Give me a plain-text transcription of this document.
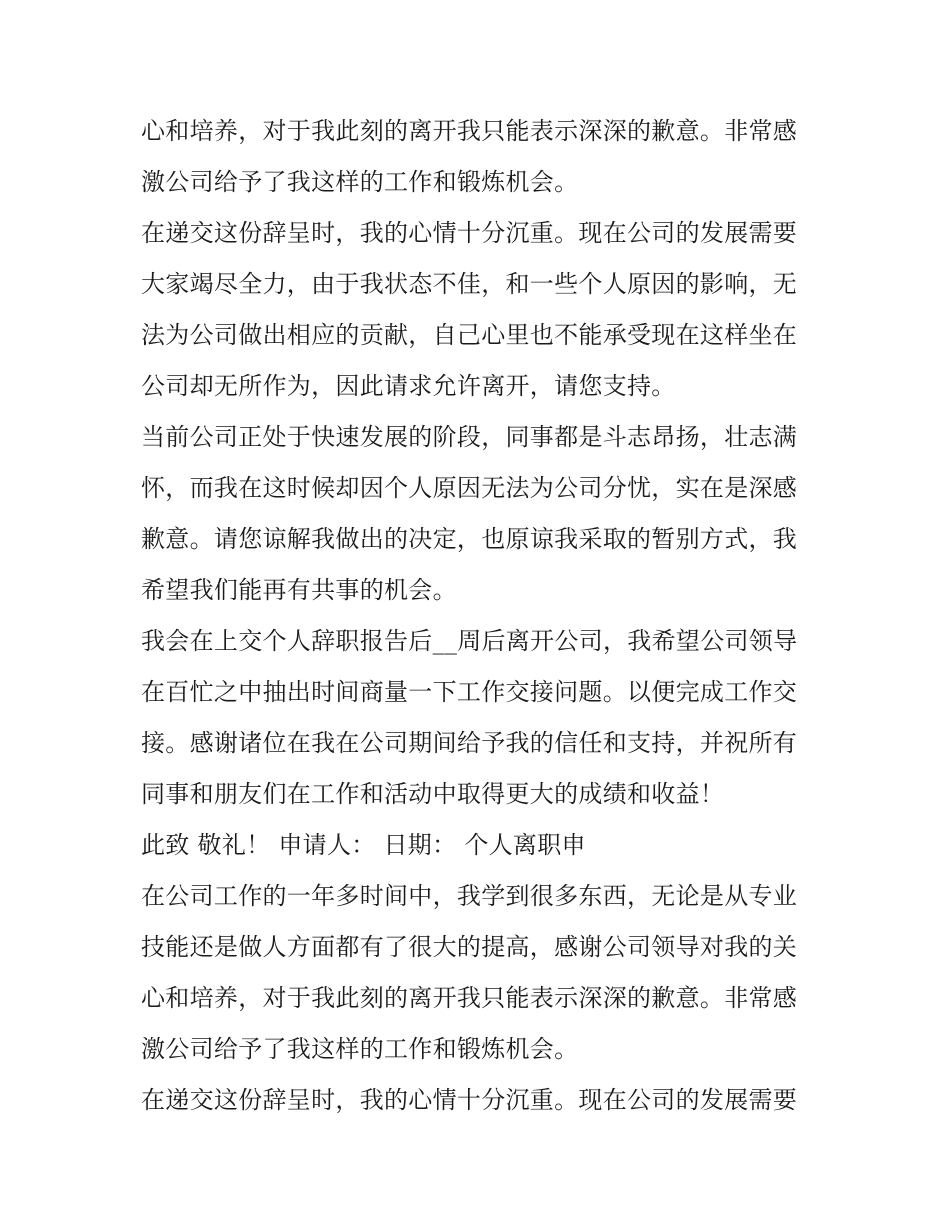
心和培养，对于我此刻的离开我只能表示深深的歉意。非常感
激公司给予了我这样的工作和锻炼机会。
在递交这份辞呈时，我的心情十分沉重。现在公司的发展需要
大家竭尽全力，由于我状态不佳，和一些个人原因的影响，无
法为公司做出相应的贡献，自己心里也不能承受现在这样坐在
公司却无所作为，因此请求允许离开，请您支持。
当前公司正处于快速发展的阶段，同事都是斗志昂扬，壮志满
怀，而我在这时候却因个人原因无法为公司分忧，实在是深感
歉意。请您谅解我做出的决定，也原谅我采取的暂别方式，我
希望我们能再有共事的机会。
我会在上交个人辞职报告后__周后离开公司，我希望公司领导
在百忙之中抽出时间商量一下工作交接问题。以便完成工作交
接。感谢诸位在我在公司期间给予我的信任和支持，并祝所有
同事和朋友们在工作和活动中取得更大的成绩和收益！
此致 敬礼！ 申请人： 日期： 个人离职申
在公司工作的一年多时间中，我学到很多东西，无论是从专业
技能还是做人方面都有了很大的提高，感谢公司领导对我的关
心和培养，对于我此刻的离开我只能表示深深的歉意。非常感
激公司给予了我这样的工作和锻炼机会。
在递交这份辞呈时，我的心情十分沉重。现在公司的发展需要
